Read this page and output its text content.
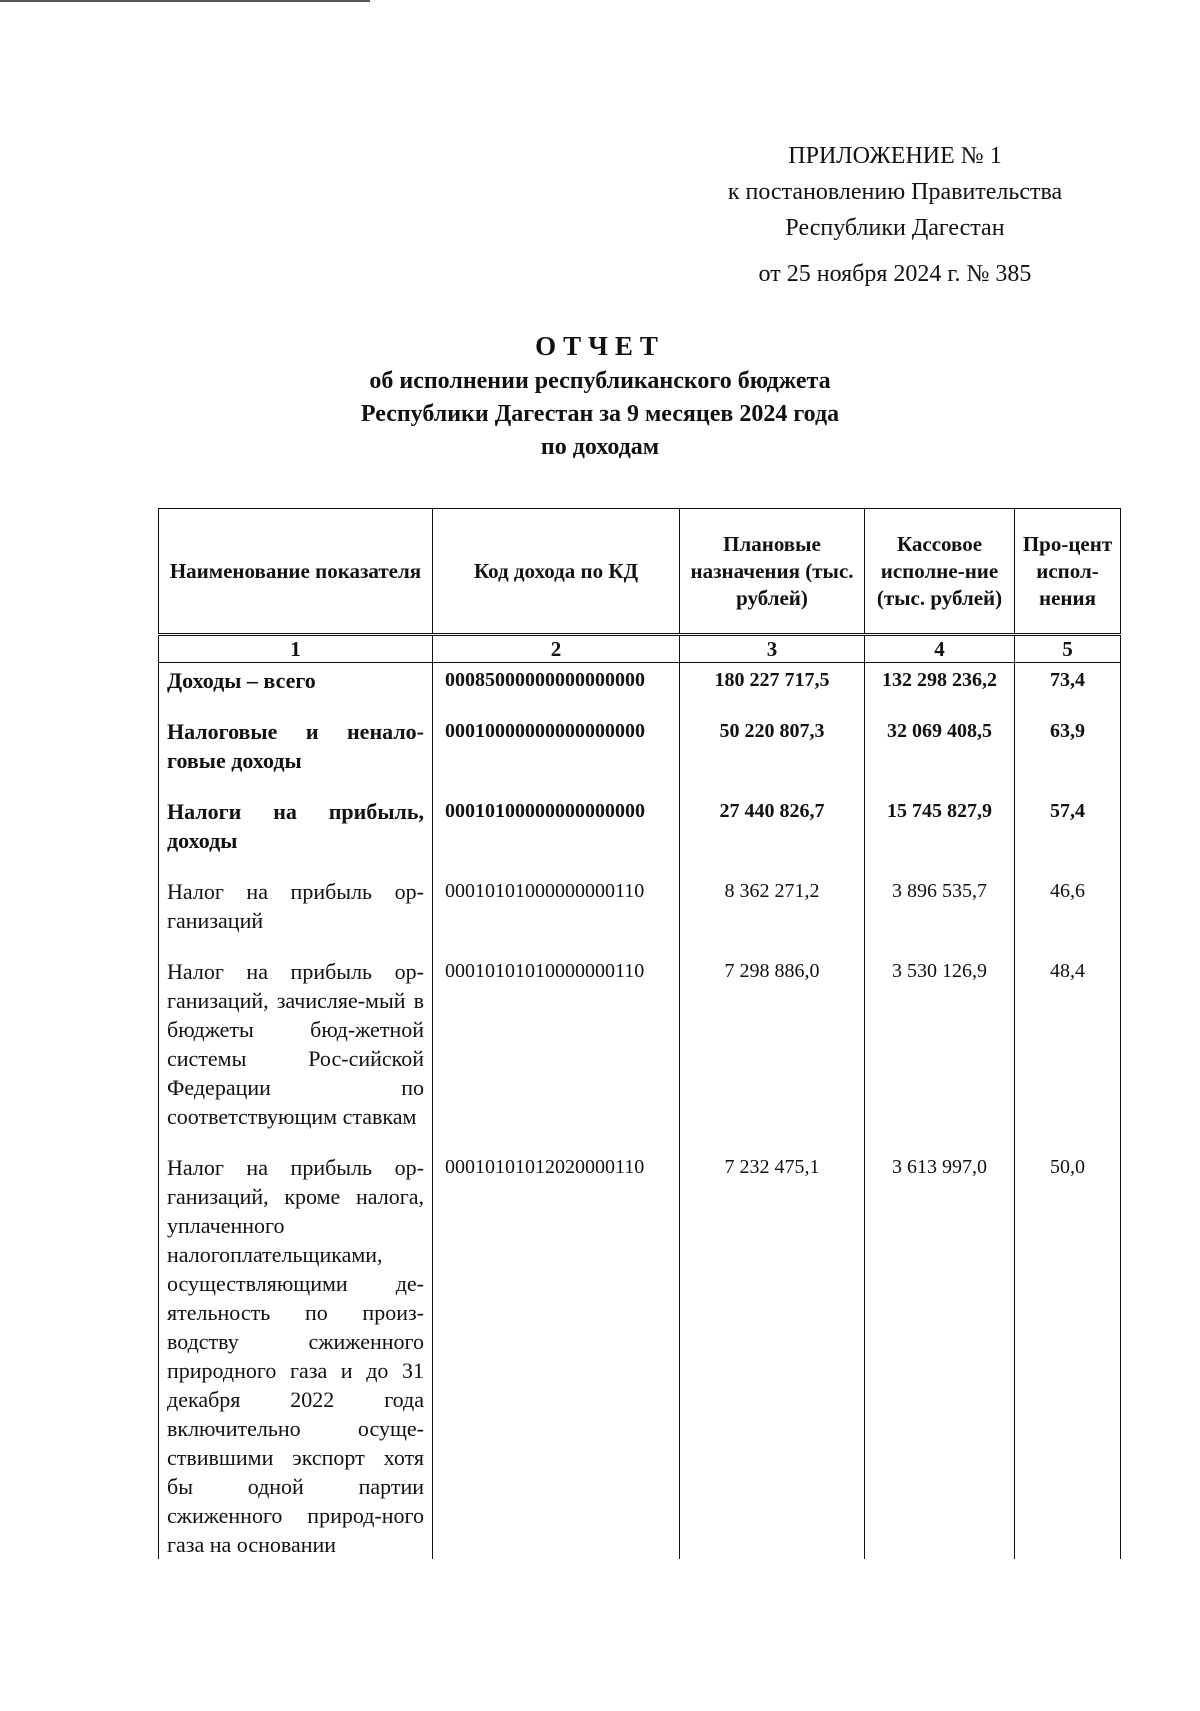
ПРИЛОЖЕНИЕ № 1
к постановлению Правительства
Республики Дагестан
от 25 ноября 2024 г. № 385
ОТЧЕТ
об исполнении республиканского бюджета
Республики Дагестан за 9 месяцев 2024 года
по доходам
Наименование показателя	Код дохода по КД	Плановые назначения (тыс. рублей)	Кассовое исполне-ние (тыс. рублей)	Про-цент испол-нения
1	2	3	4	5
Доходы – всего	00085000000000000000	180 227 717,5	132 298 236,2	73,4
Налоговые и ненало-говые доходы	00010000000000000000	50 220 807,3	32 069 408,5	63,9
Налоги на прибыль, доходы	00010100000000000000	27 440 826,7	15 745 827,9	57,4
Налог на прибыль ор-ганизаций	00010101000000000110	8 362 271,2	3 896 535,7	46,6
Налог на прибыль ор-ганизаций, зачисляе-мый в бюджеты бюд-жетной системы Рос-сийской Федерации по соответствующим ставкам	00010101010000000110	7 298 886,0	3 530 126,9	48,4
Налог на прибыль ор-ганизаций, кроме налога, уплаченного налогоплательщиками, осуществляющими де-ятельность по произ-водству сжиженного природного газа и до 31 декабря 2022 года включительно осуще-ствившими экспорт хотя бы одной партии сжиженного природ-ного газа на основании	00010101012020000110	7 232 475,1	3 613 997,0	50,0
